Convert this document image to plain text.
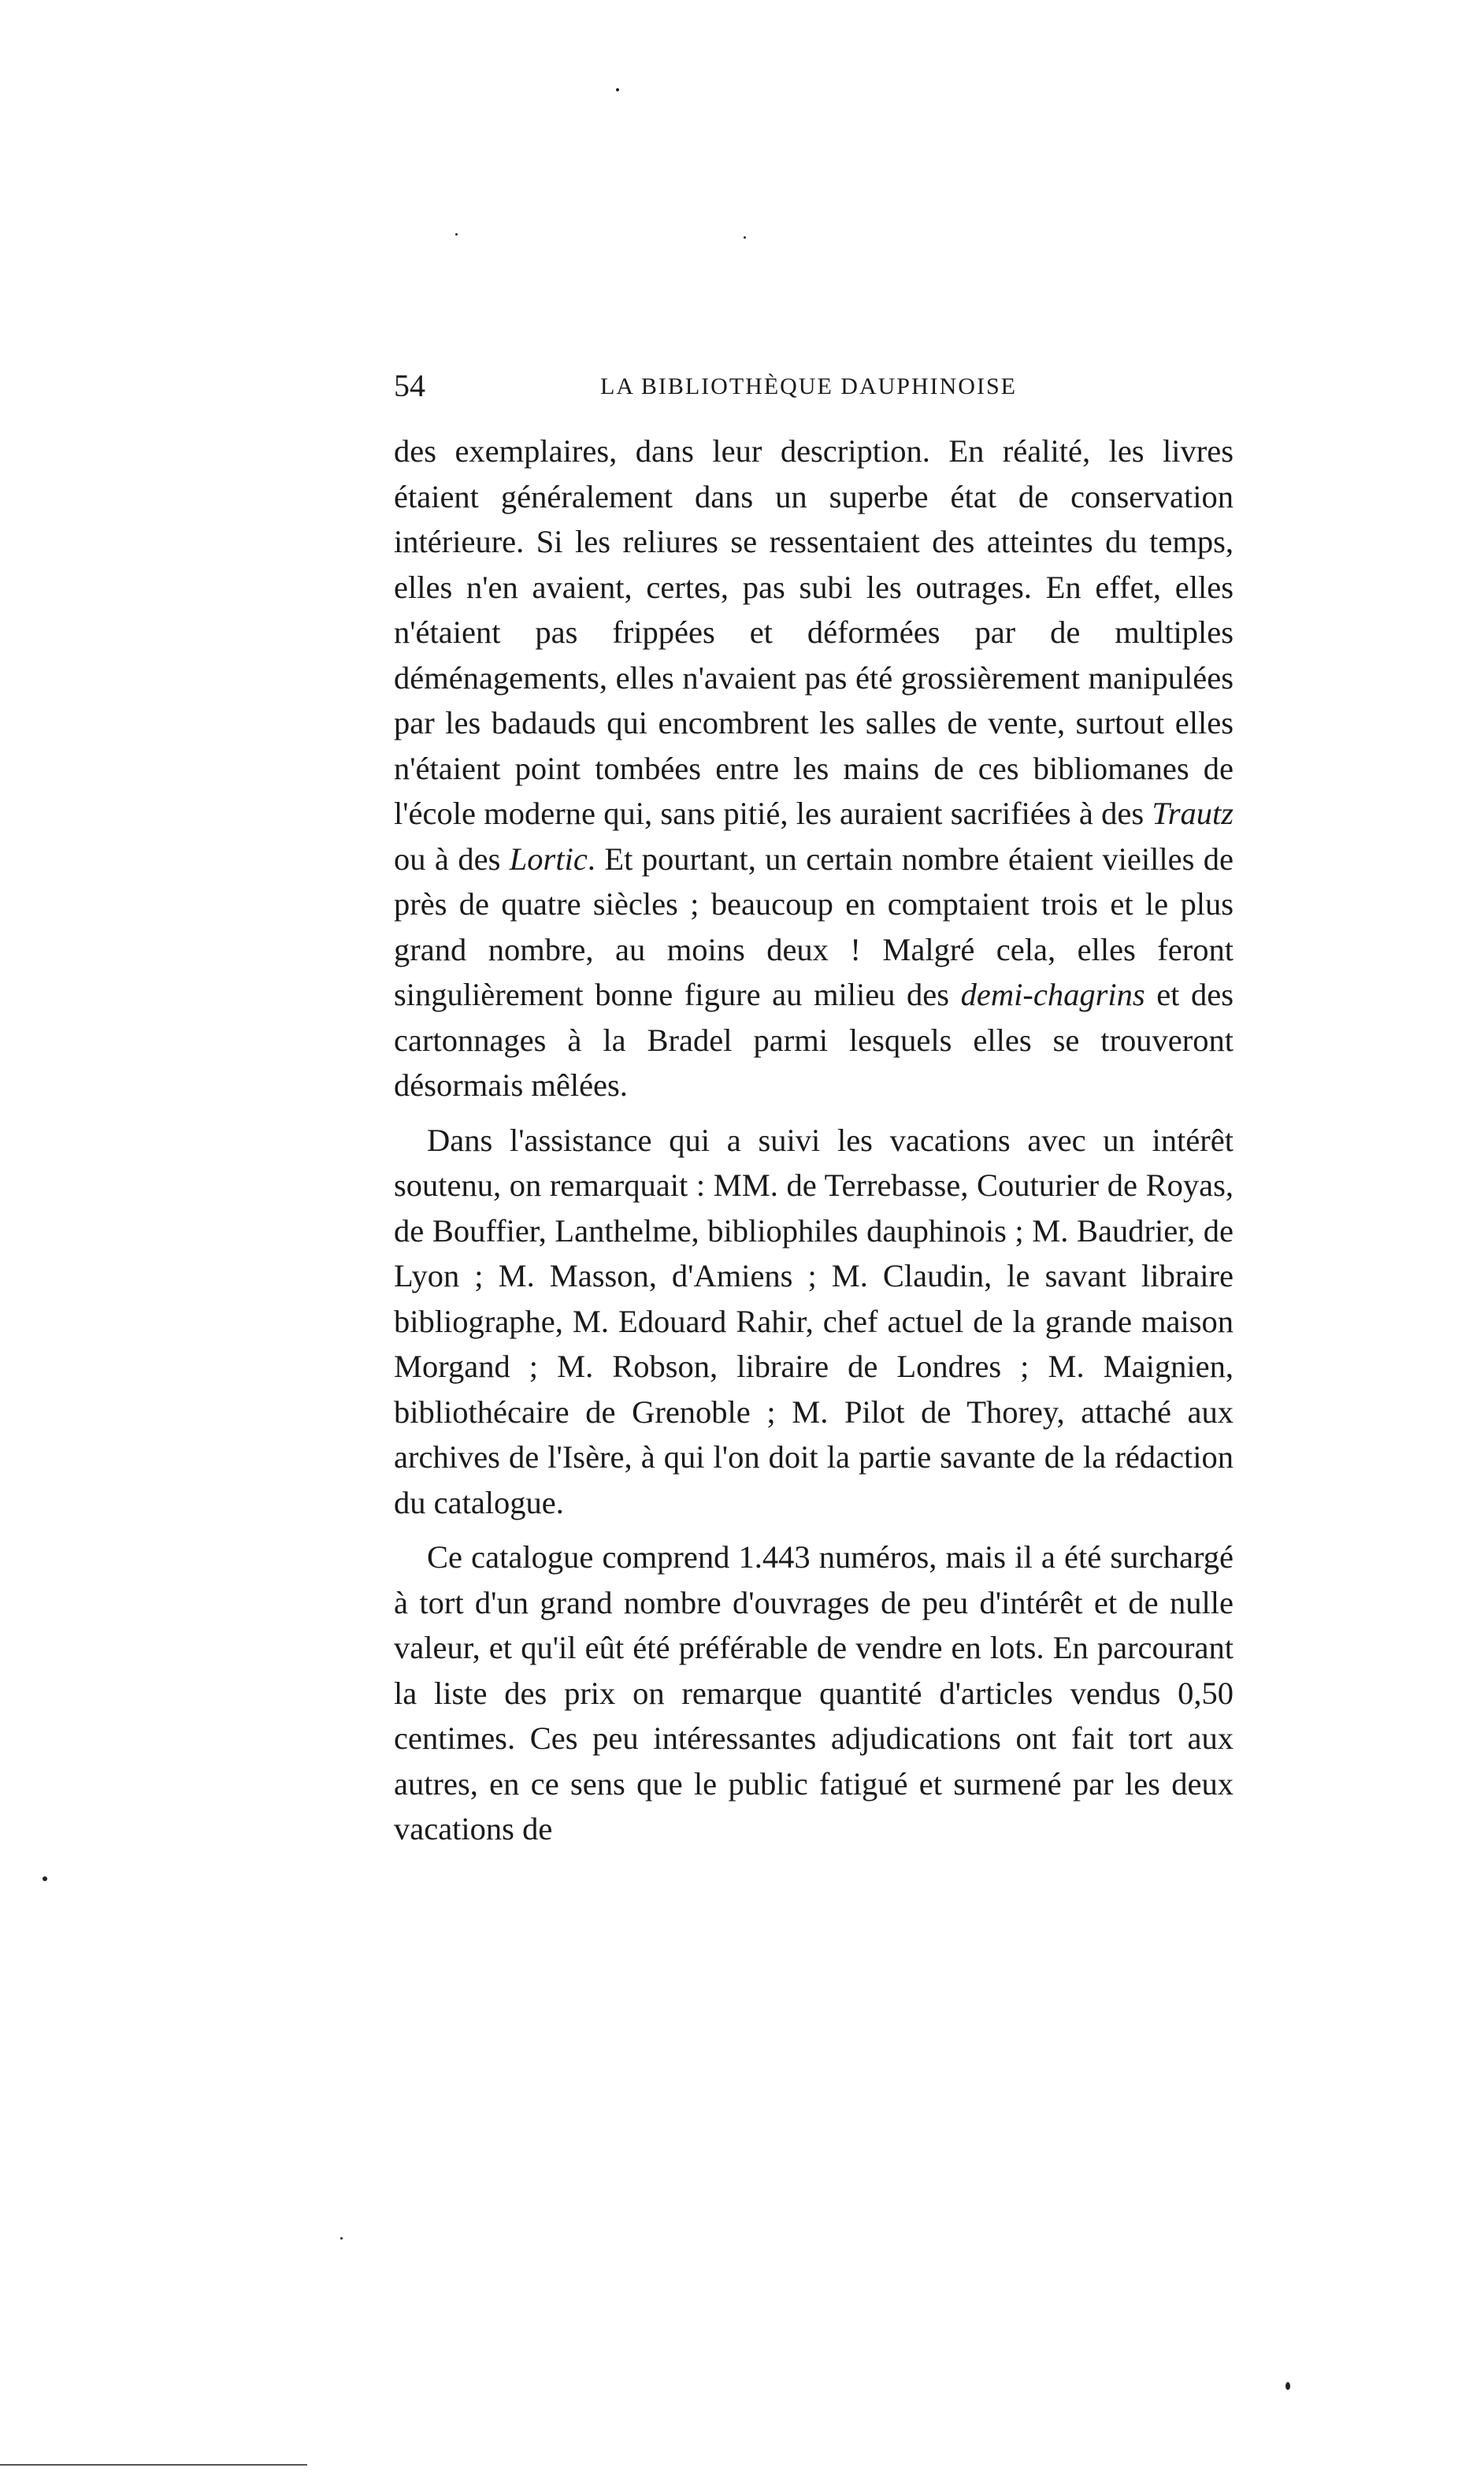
54	LA BIBLIOTHÈQUE DAUPHINOISE

des exemplaires, dans leur description. En réalité, les livres étaient généralement dans un superbe état de conservation intérieure. Si les reliures se ressentaient des atteintes du temps, elles n'en avaient, certes, pas subi les outrages. En effet, elles n'étaient pas frippées et déformées par de multiples déménagements, elles n'avaient pas été grossièrement manipulées par les badauds qui encombrent les salles de vente, surtout elles n'étaient point tombées entre les mains de ces bibliomanes de l'école moderne qui, sans pitié, les auraient sacrifiées à des Trautz ou à des Lortic. Et pourtant, un certain nombre étaient vieilles de près de quatre siècles ; beaucoup en comptaient trois et le plus grand nombre, au moins deux ! Malgré cela, elles feront singulièrement bonne figure au milieu des demi-chagrins et des cartonnages à la Bradel parmi lesquels elles se trouveront désormais mêlées.

Dans l'assistance qui a suivi les vacations avec un intérêt soutenu, on remarquait : MM. de Terrebasse, Couturier de Royas, de Bouffier, Lanthelme, bibliophiles dauphinois ; M. Baudrier, de Lyon ; M. Masson, d'Amiens ; M. Claudin, le savant libraire bibliographe, M. Edouard Rahir, chef actuel de la grande maison Morgand ; M. Robson, libraire de Londres ; M. Maignien, bibliothécaire de Grenoble ; M. Pilot de Thorey, attaché aux archives de l'Isère, à qui l'on doit la partie savante de la rédaction du catalogue.

Ce catalogue comprend 1.443 numéros, mais il a été surchargé à tort d'un grand nombre d'ouvrages de peu d'intérêt et de nulle valeur, et qu'il eût été préférable de vendre en lots. En parcourant la liste des prix on remarque quantité d'articles vendus 0,50 centimes. Ces peu intéressantes adjudications ont fait tort aux autres, en ce sens que le public fatigué et surmené par les deux vacations de
